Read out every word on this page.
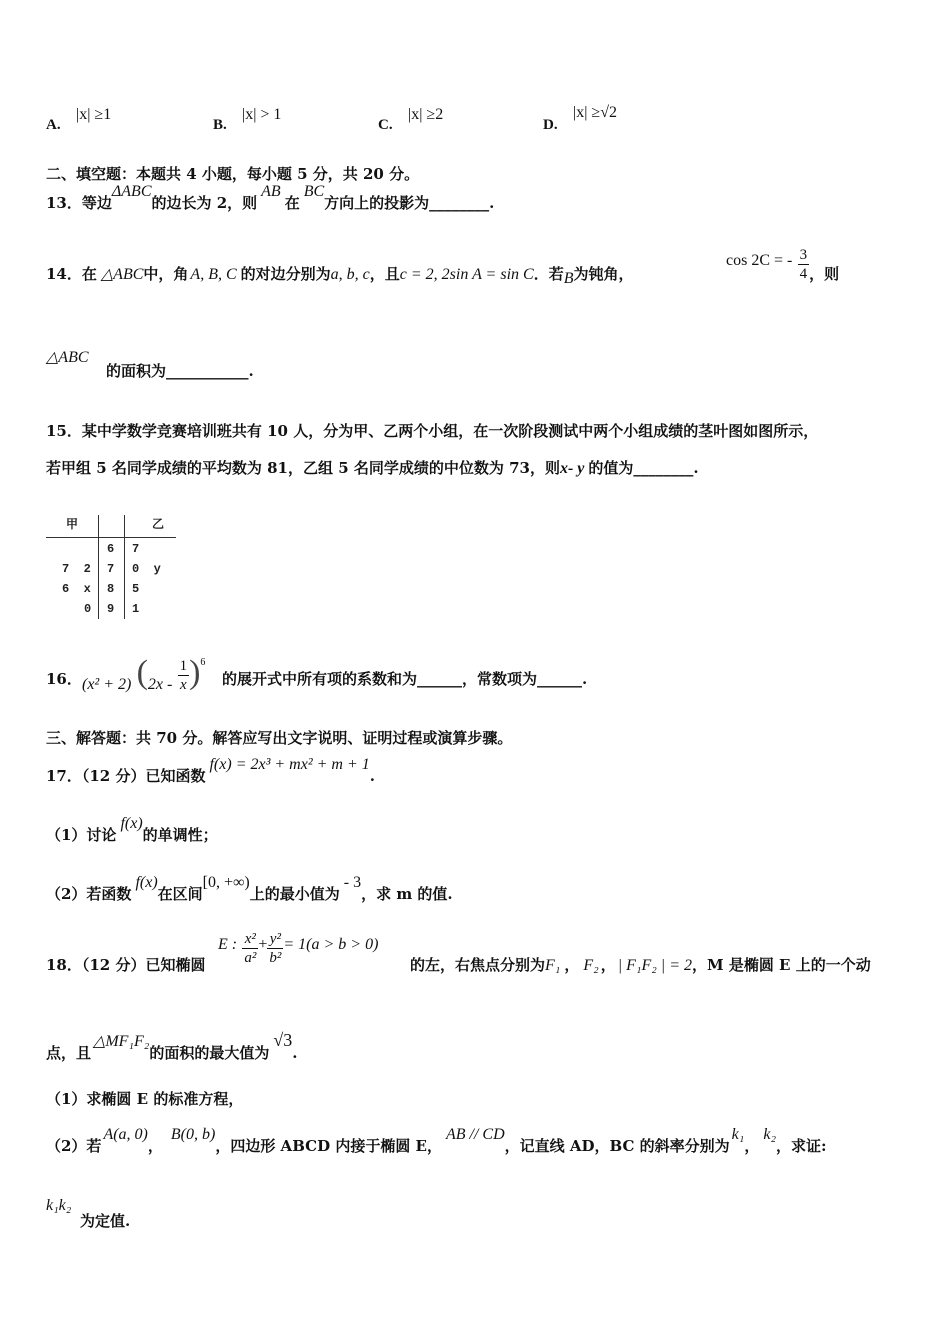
A.
|x| ≥1
B.
|x| > 1
C.
|x| ≥2
D.
|x| ≥√2
二、填空题：本题共 4 小题，每小题 5 分，共 20 分。
13．等边ΔABC的边长为 2，则AB在BC方向上的投影为________.
14．在 △ABC中，角 A, B, C 的对边分别为a, b, c，且c = 2, 2sin A = sin C．若B为钝角，
cos 2C = - $\frac{3}{4}$ ，则
△ABC
的面积为___________.
15．某中学数学竞赛培训班共有 10 人，分为甲、乙两个小组，在一次阶段测试中两个小组成绩的茎叶图如图所示，
若甲组 5 名同学成绩的平均数为 81，乙组 5 名同学成绩的中位数为 73，则x- y 的值为________.
甲	乙
6 7
7  2 7 0  y
6  x 8 5
0 9 1
16． (x² + 2) $(2x - \frac{1}{x} )^6$
的展开式中所有项的系数和为______，常数项为______.
三、解答题：共 70 分。解答应写出文字说明、证明过程或演算步骤。
17．（12 分）已知函数f(x) = 2x³ + mx² + m + 1.
（1）讨论f(x)的单调性；
（2）若函数f(x)在区间[0, +∞)上的最小值为- 3，求 m 的值.
18．（12 分）已知椭圆
E : $\frac{\text{x²}}{\text{a²}} + \frac{\text{y²}}{\text{b²}} = 1(a > b > 0)$
的左，右焦点分别为F₁ ， F₂ ， | F₁F₂ | = 2，M 是椭圆 E 上的一个动
点，且△MF₁F₂的面积的最大值为√3.
（1）求椭圆 E 的标准方程，
（2）若A(a, 0)，B(0, b)，四边形 ABCD 内接于椭圆 E，AB // CD，记直线 AD，BC 的斜率分别为k₁，k₂，求证:
k₁k₂
为定值.
